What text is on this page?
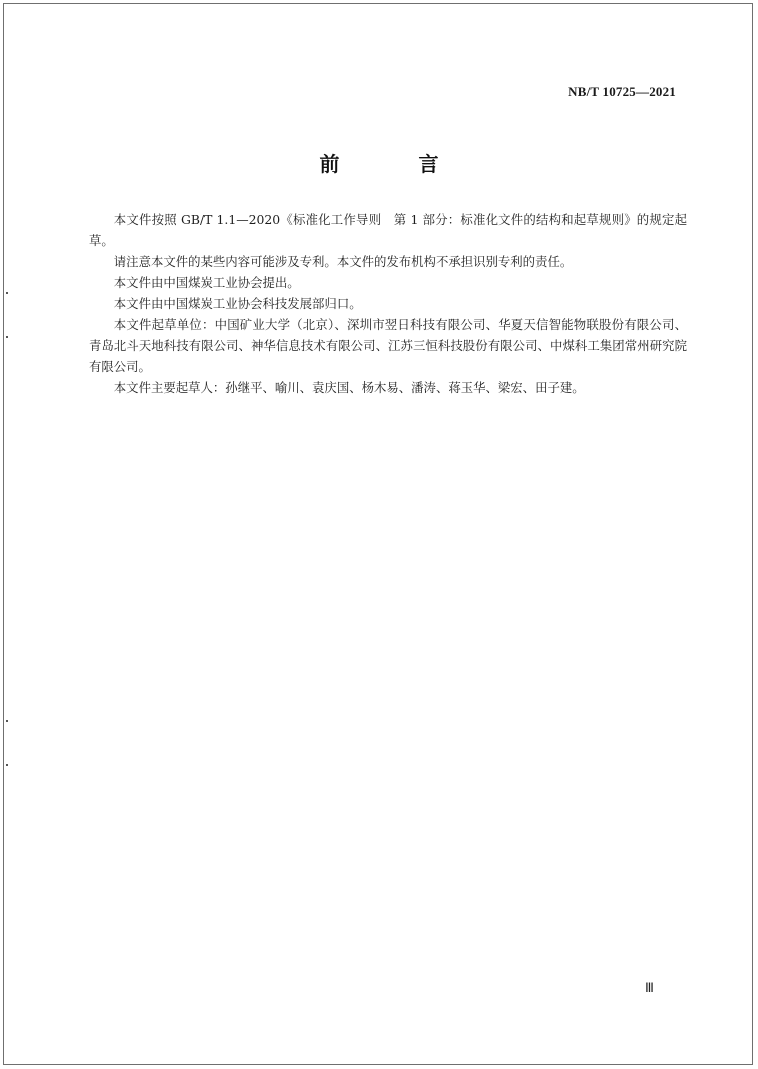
NB/T 10725—2021
前 言

本文件按照 GB/T 1.1—2020《标准化工作导则　第 1 部分：标准化文件的结构和起草规则》的规定起草。

请注意本文件的某些内容可能涉及专利。本文件的发布机构不承担识别专利的责任。

本文件由中国煤炭工业协会提出。

本文件由中国煤炭工业协会科技发展部归口。

本文件起草单位：中国矿业大学（北京）、深圳市翌日科技有限公司、华夏天信智能物联股份有限公司、青岛北斗天地科技有限公司、神华信息技术有限公司、江苏三恒科技股份有限公司、中煤科工集团常州研究院有限公司。

本文件主要起草人：孙继平、喻川、袁庆国、杨木易、潘涛、蒋玉华、梁宏、田子建。

Ⅲ
